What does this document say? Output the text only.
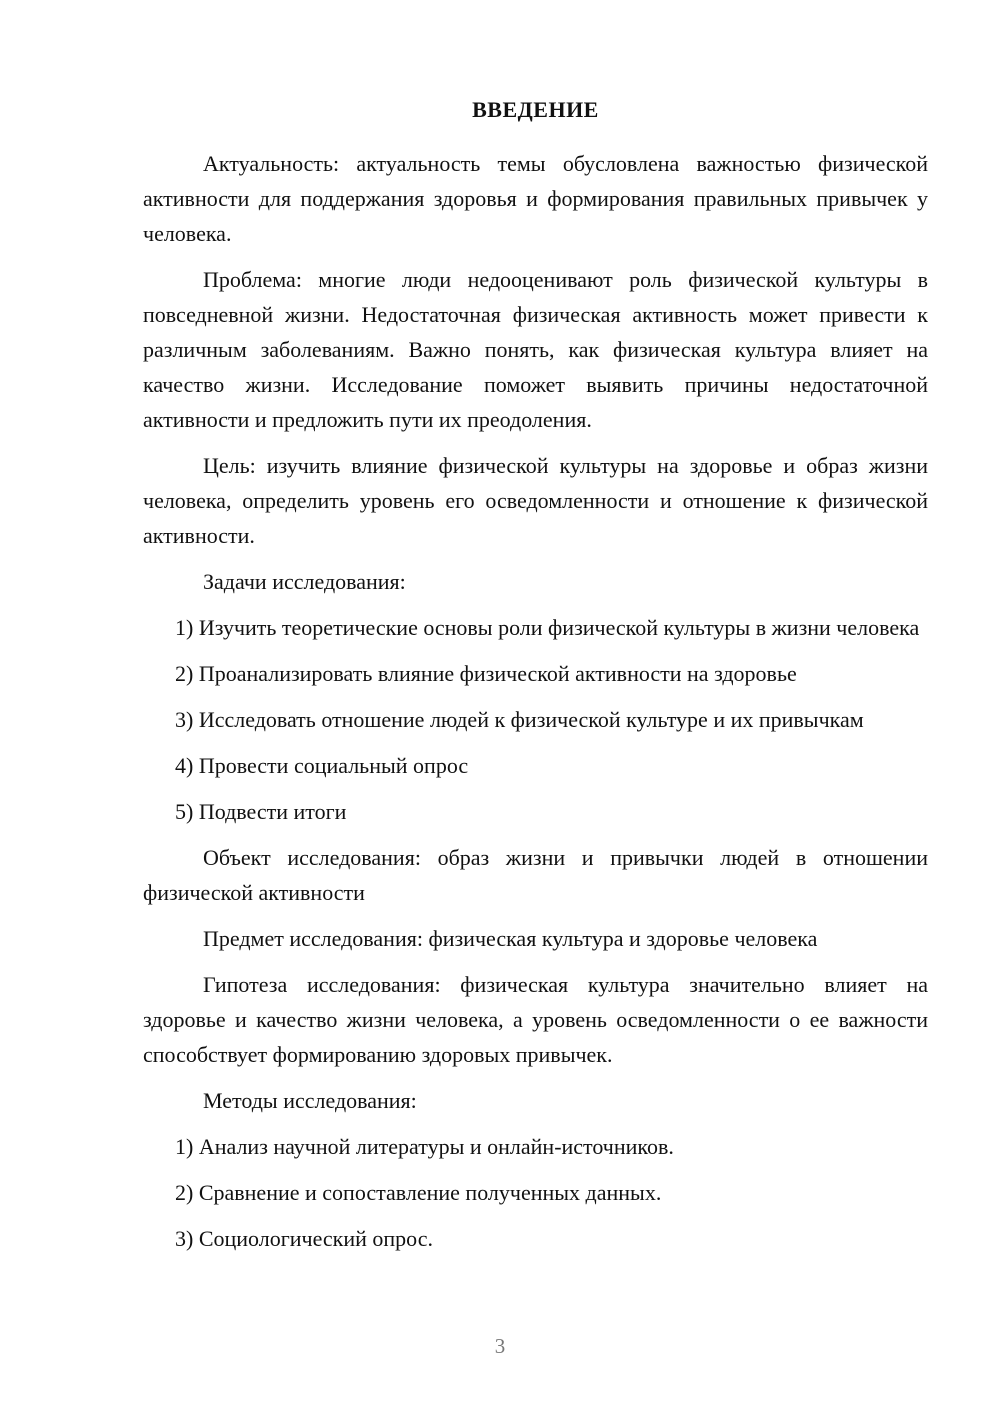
ВВЕДЕНИЕ
Актуальность: актуальность темы обусловлена важностью физической активности для поддержания здоровья и формирования правильных привычек у человека.
Проблема: многие люди недооценивают роль физической культуры в повседневной жизни. Недостаточная физическая активность может привести к различным заболеваниям. Важно понять, как физическая культура влияет на качество жизни. Исследование поможет выявить причины недостаточной активности и предложить пути их преодоления.
Цель: изучить влияние физической культуры на здоровье и образ жизни человека, определить уровень его осведомленности и отношение к физической активности.
Задачи исследования:
1) Изучить теоретические основы роли физической культуры в жизни человека
2) Проанализировать влияние физической активности на здоровье
3) Исследовать отношение людей к физической культуре и их привычкам
4) Провести социальный опрос
5) Подвести итоги
Объект исследования: образ жизни и привычки людей в отношении физической активности
Предмет исследования: физическая культура и здоровье человека
Гипотеза исследования: физическая культура значительно влияет на здоровье и качество жизни человека, а уровень осведомленности о ее важности способствует формированию здоровых привычек.
Методы исследования:
1) Анализ научной литературы и онлайн-источников.
2) Сравнение и сопоставление полученных данных.
3) Социологический опрос.
3
